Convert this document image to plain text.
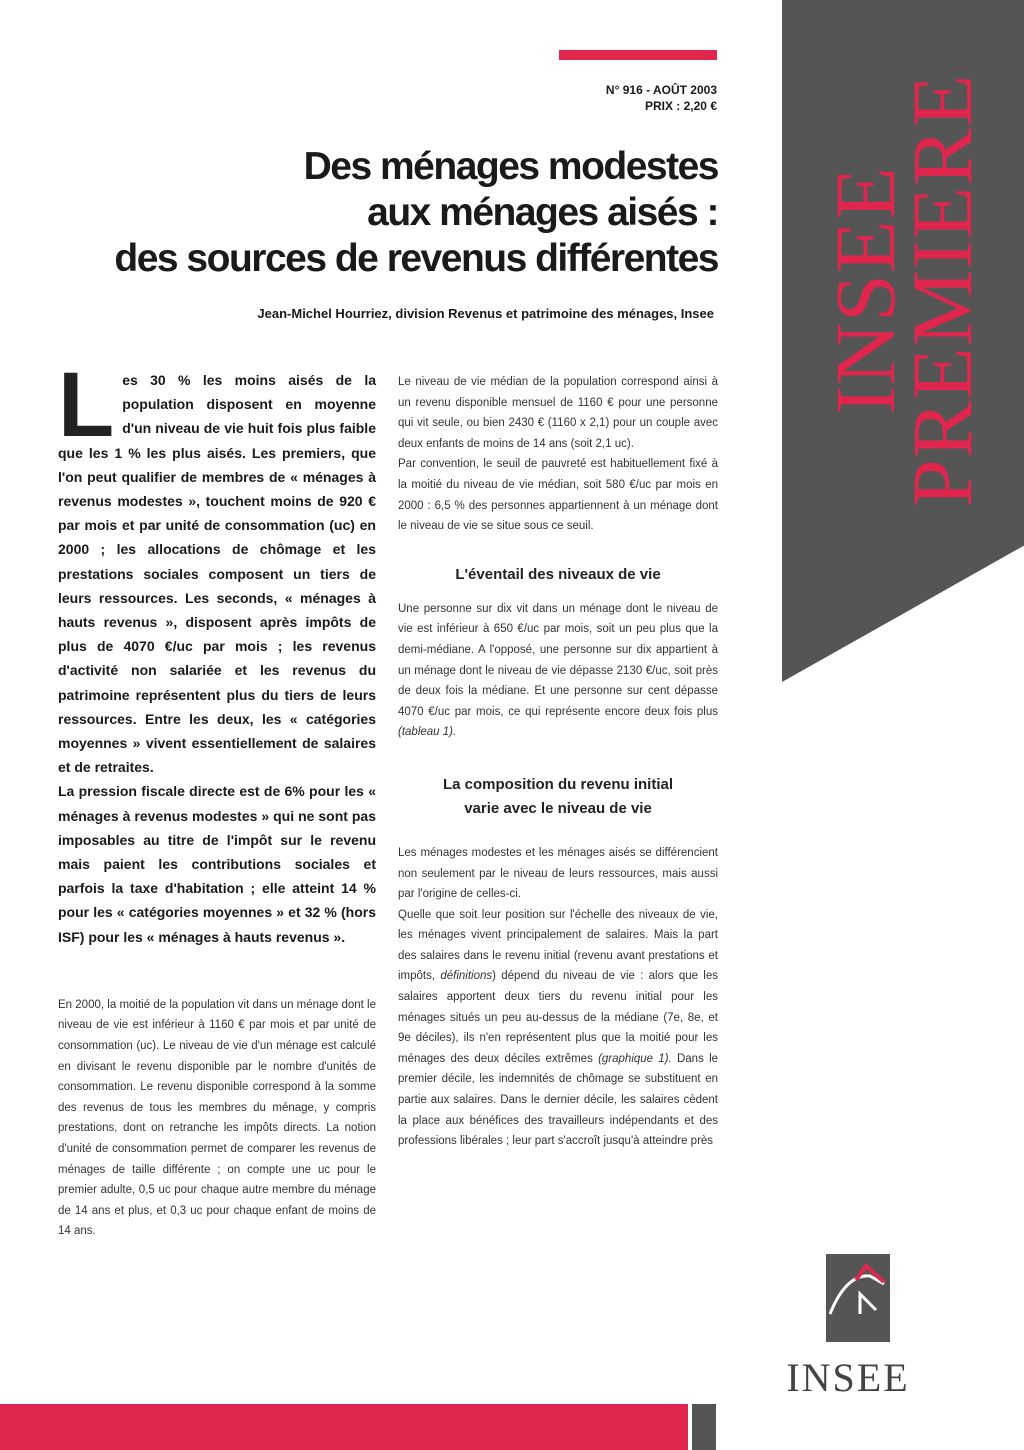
INSEE
PREMIERE
N° 916 - AOÛT 2003
PRIX : 2,20 €
Des ménages modestes
aux ménages aisés :
des sources de revenus différentes
Jean-Michel Hourriez, division Revenus et patrimoine des ménages, Insee

Les 30 % les moins aisés de la population disposent en moyenne d'un niveau de vie huit fois plus faible que les 1 % les plus aisés. Les premiers, que l'on peut qualifier de membres de « ménages à revenus modestes », touchent moins de 920 € par mois et par unité de consommation (uc) en 2000 ; les allocations de chômage et les prestations sociales composent un tiers de leurs ressources. Les seconds, « ménages à hauts revenus », disposent après impôts de plus de 4070 €/uc par mois ; les revenus d'activité non salariée et les revenus du patrimoine représentent plus du tiers de leurs ressources. Entre les deux, les « catégories moyennes » vivent essentiellement de salaires et de retraites.

La pression fiscale directe est de 6% pour les « ménages à revenus modestes » qui ne sont pas imposables au titre de l'impôt sur le revenu mais paient les contributions sociales et parfois la taxe d'habitation ; elle atteint 14 % pour les « catégories moyennes » et 32 % (hors ISF) pour les « ménages à hauts revenus ».

En 2000, la moitié de la population vit dans un ménage dont le niveau de vie est inférieur à 1160 € par mois et par unité de consommation (uc). Le niveau de vie d'un ménage est calculé en divisant le revenu disponible par le nombre d'unités de consommation. Le revenu disponible correspond à la somme des revenus de tous les membres du ménage, y compris prestations, dont on retranche les impôts directs. La notion d'unité de consommation permet de comparer les revenus de ménages de taille différente ; on compte une uc pour le premier adulte, 0,5 uc pour chaque autre membre du ménage de 14 ans et plus, et 0,3 uc pour chaque enfant de moins de 14 ans.

Le niveau de vie médian de la population correspond ainsi à un revenu disponible mensuel de 1160 € pour une personne qui vit seule, ou bien 2430 € (1160 x 2,1) pour un couple avec deux enfants de moins de 14 ans (soit 2,1 uc).

Par convention, le seuil de pauvreté est habituellement fixé à la moitié du niveau de vie médian, soit 580 €/uc par mois en 2000 : 6,5 % des personnes appartiennent à un ménage dont le niveau de vie se situe sous ce seuil.

L'éventail des niveaux de vie

Une personne sur dix vit dans un ménage dont le niveau de vie est inférieur à 650 €/uc par mois, soit un peu plus que la demi-médiane. A l'opposé, une personne sur dix appartient à un ménage dont le niveau de vie dépasse 2130 €/uc, soit près de deux fois la médiane. Et une personne sur cent dépasse 4070 €/uc par mois, ce qui représente encore deux fois plus (tableau 1).

La composition du revenu initial
varie avec le niveau de vie

Les ménages modestes et les ménages aisés se différencient non seulement par le niveau de leurs ressources, mais aussi par l'origine de celles-ci.

Quelle que soit leur position sur l'échelle des niveaux de vie, les ménages vivent principalement de salaires. Mais la part des salaires dans le revenu initial (revenu avant prestations et impôts, définitions) dépend du niveau de vie : alors que les salaires apportent deux tiers du revenu initial pour les ménages situés un peu au-dessus de la médiane (7e, 8e, et 9e déciles), ils n'en représentent plus que la moitié pour les ménages des deux déciles extrêmes (graphique 1). Dans le premier décile, les indemnités de chômage se substituent en partie aux salaires. Dans le dernier décile, les salaires cèdent la place aux bénéfices des travailleurs indépendants et des professions libérales ; leur part s'accroît jusqu'à atteindre près

INSEE
